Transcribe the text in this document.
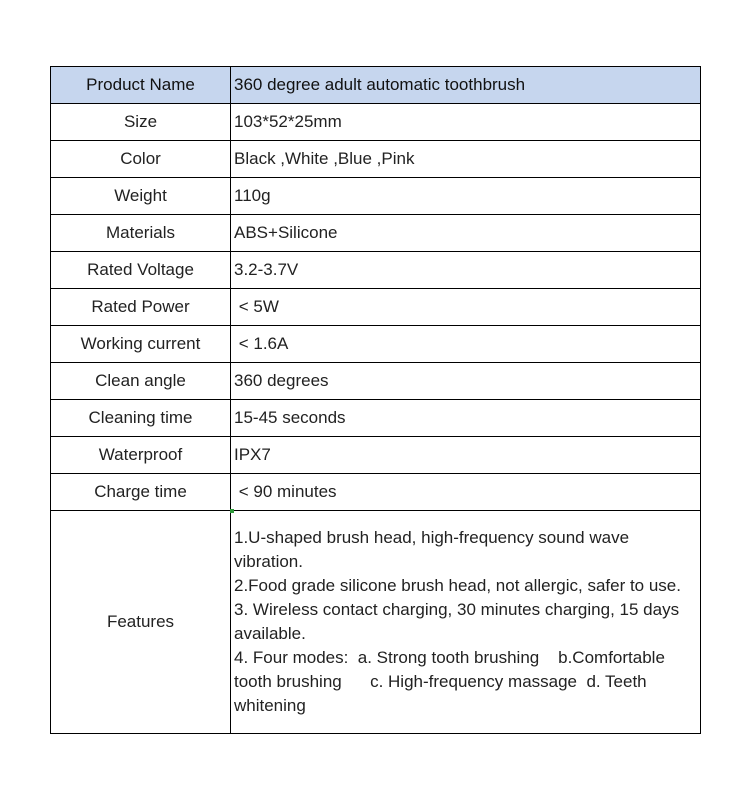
Product Name	360 degree adult automatic toothbrush
Size	103*52*25mm
Color	Black ,White ,Blue ,Pink
Weight	110g
Materials	ABS+Silicone
Rated Voltage	3.2-3.7V
Rated Power	< 5W
Working current	< 1.6A
Clean angle	360 degrees
Cleaning time	15-45 seconds
Waterproof	IPX7
Charge time	< 90 minutes
Features	1.U-shaped brush head, high-frequency sound wave vibration.
2.Food grade silicone brush head, not allergic, safer to use.
3. Wireless contact charging, 30 minutes charging, 15 days available.
4. Four modes:  a. Strong tooth brushing    b.Comfortable tooth brushing      c. High-frequency massage  d. Teeth whitening
